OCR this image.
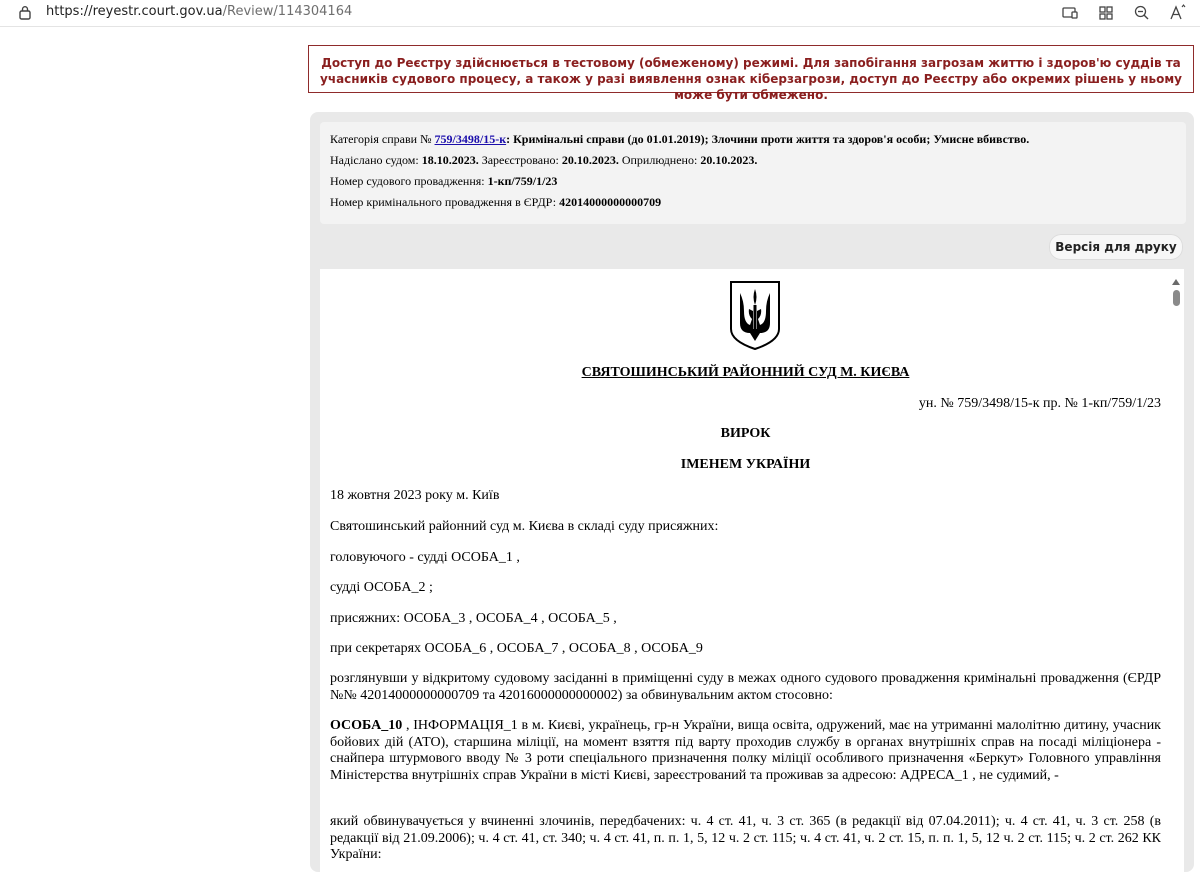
https://reyestr.court.gov.ua/Review/114304164

Доступ до Реєстру здійснюється в тестовому (обмеженому) режимі. Для запобігання загрозам життю і здоров'ю суддів та учасників судового процесу, а також у разі виявлення ознак кіберзагрози, доступ до Реєстру або окремих рішень у ньому може бути обмежено.

Категорія справи № 759/3498/15-к: Кримінальні справи (до 01.01.2019); Злочини проти життя та здоров'я особи; Умисне вбивство.
Надіслано судом: 18.10.2023. Зареєстровано: 20.10.2023. Оприлюднено: 20.10.2023.
Номер судового провадження: 1-кп/759/1/23
Номер кримінального провадження в ЄРДР: 42014000000000709
Версія для друку
СВЯТОШИНСЬКИЙ РАЙОННИЙ СУД М. КИЄВА
ун. № 759/3498/15-к пр. № 1-кп/759/1/23
ВИРОК
ІМЕНЕМ УКРАЇНИ
18 жовтня 2023 року м. Київ
Святошинський районний суд м. Києва в складі суду присяжних:
головуючого - судді ОСОБА_1 ,
судді ОСОБА_2 ;
присяжних: ОСОБА_3 , ОСОБА_4 , ОСОБА_5 ,
при секретарях ОСОБА_6 , ОСОБА_7 , ОСОБА_8 , ОСОБА_9
розглянувши у відкритому судовому засіданні в приміщенні суду в межах одного судового провадження кримінальні провадження (ЄРДР №№ 42014000000000709 та 42016000000000002) за обвинувальним актом стосовно:
ОСОБА_10 , ІНФОРМАЦІЯ_1 в м. Києві, українець, гр-н України, вища освіта, одружений, має на утриманні малолітню дитину, учасник бойових дій (АТО), старшина міліції, на момент взяття під варту проходив службу в органах внутрішніх справ на посаді міліціонера - снайпера штурмового вводу № 3 роти спеціального призначення полку міліції особливого призначення «Беркут» Головного управління Міністерства внутрішніх справ України в місті Києві, зареєстрований та проживав за адресою: АДРЕСА_1 , не судимий, -
який обвинувачується у вчиненні злочинів, передбачених: ч. 4 ст. 41, ч. 3 ст. 365 (в редакції від 07.04.2011); ч. 4 ст. 41, ч. 3 ст. 258 (в редакції від 21.09.2006); ч. 4 ст. 41, ст. 340; ч. 4 ст. 41, п. п. 1, 5, 12 ч. 2 ст. 115; ч. 4 ст. 41, ч. 2 ст. 15, п. п. 1, 5, 12 ч. 2 ст. 115; ч. 2 ст. 262 КК України:
